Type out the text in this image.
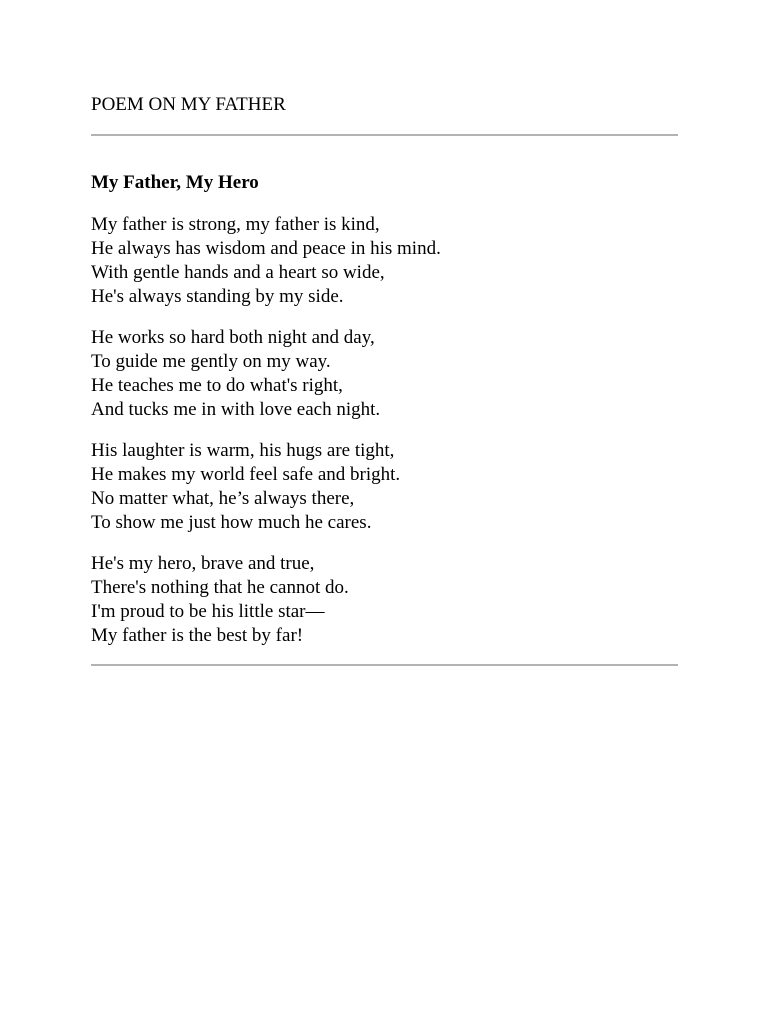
POEM ON MY FATHER
My Father, My Hero
My father is strong, my father is kind,
He always has wisdom and peace in his mind.
With gentle hands and a heart so wide,
He's always standing by my side.
He works so hard both night and day,
To guide me gently on my way.
He teaches me to do what's right,
And tucks me in with love each night.
His laughter is warm, his hugs are tight,
He makes my world feel safe and bright.
No matter what, he’s always there,
To show me just how much he cares.
He's my hero, brave and true,
There's nothing that he cannot do.
I'm proud to be his little star—
My father is the best by far!
